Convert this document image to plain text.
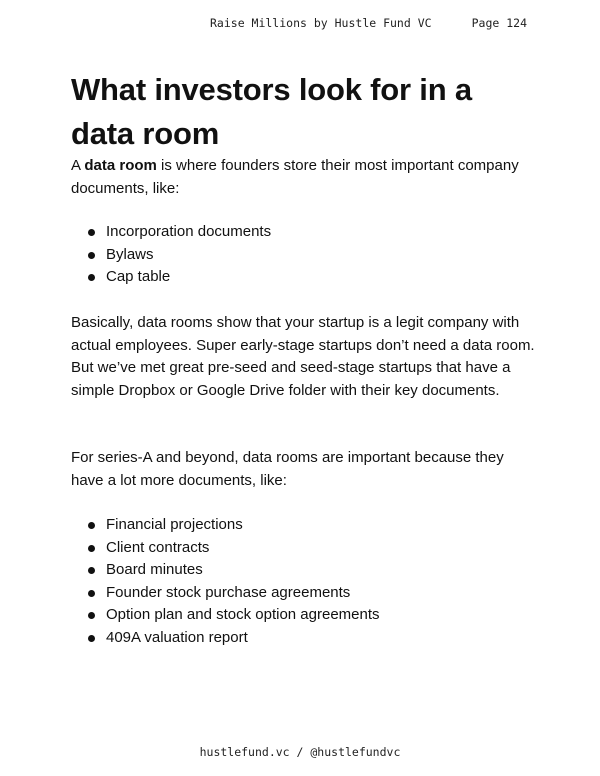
Raise Millions by Hustle Fund VC	Page 124
What investors look for in a data room

A data room is where founders store their most important company documents, like:

Incorporation documents
Bylaws
Cap table

Basically, data rooms show that your startup is a legit company with actual employees. Super early-stage startups don’t need a data room. But we’ve met great pre-seed and seed-stage startups that have a simple Dropbox or Google Drive folder with their key documents.

For series-A and beyond, data rooms are important because they have a lot more documents, like:

Financial projections
Client contracts
Board minutes
Founder stock purchase agreements
Option plan and stock option agreements
409A valuation report
hustlefund.vc / @hustlefundvc
